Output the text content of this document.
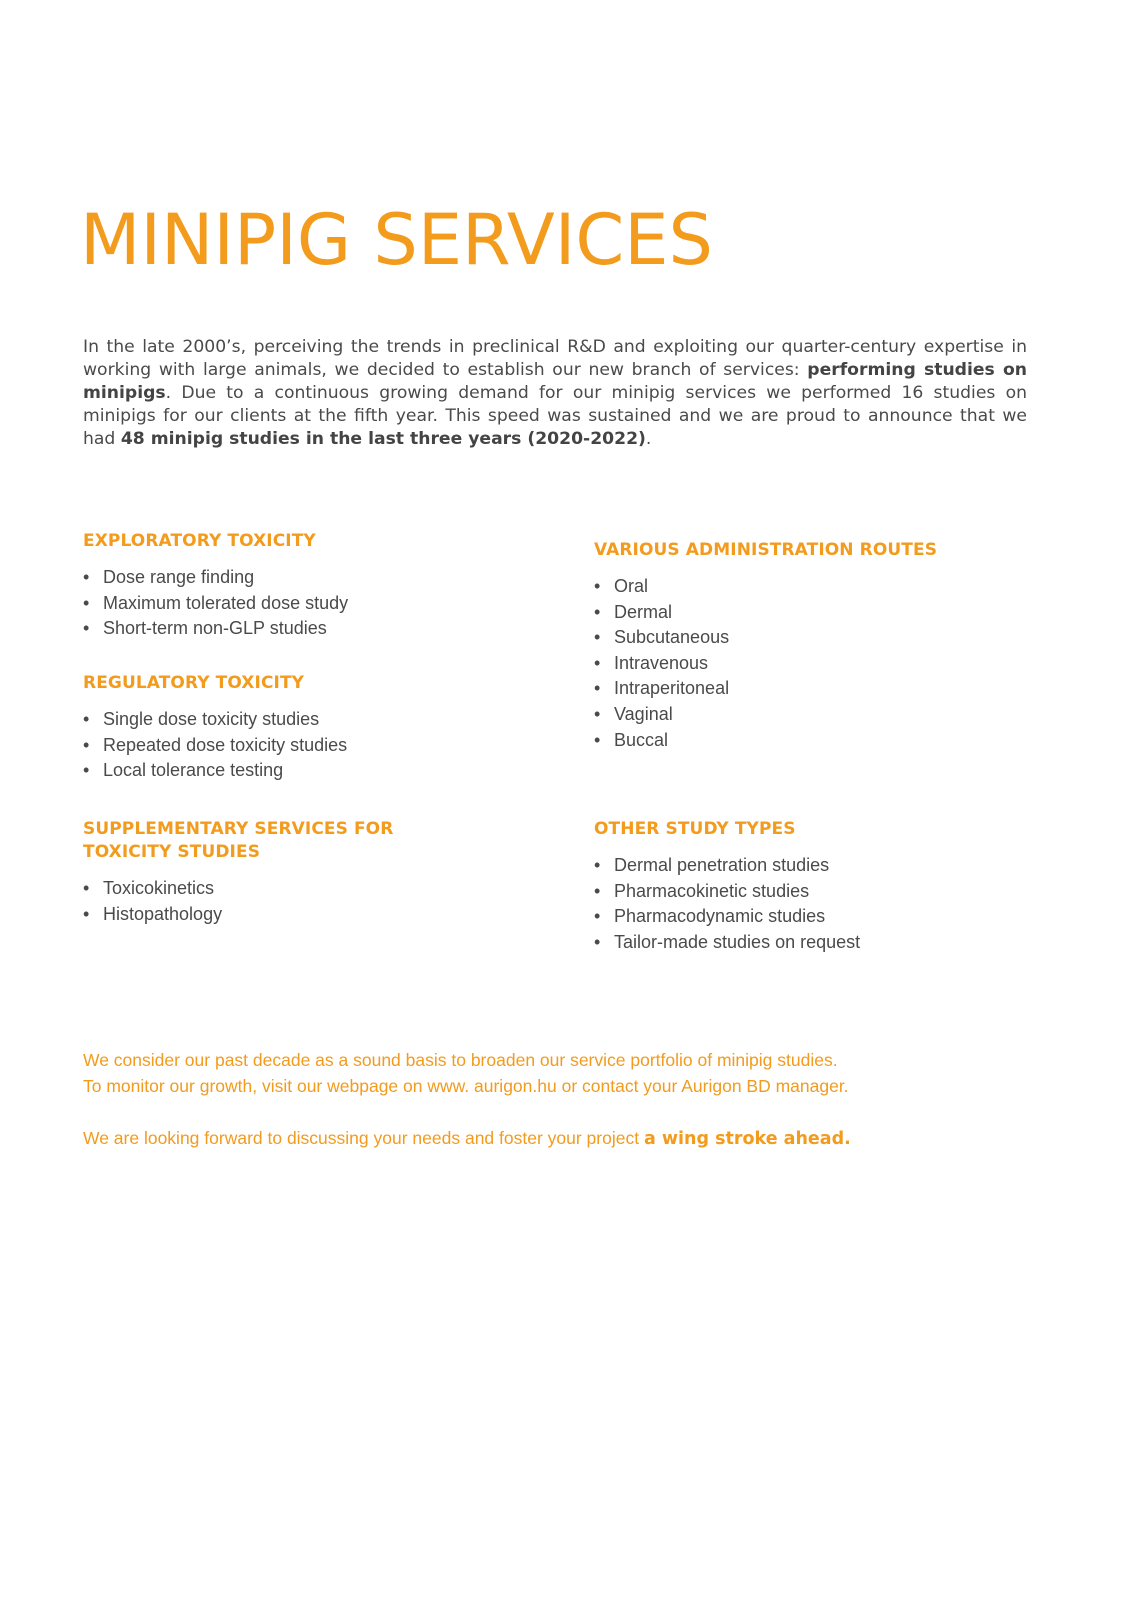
MINIPIG SERVICES

In the late 2000’s, perceiving the trends in preclinical R&D and exploiting our quarter-century expertise in working with large animals, we decided to establish our new branch of services: performing studies on minipigs. Due to a continuous growing demand for our minipig services we performed 16 studies on minipigs for our clients at the fifth year. This speed was sustained and we are proud to announce that we had 48 minipig studies in the last three years (2020-2022).

EXPLORATORY TOXICITY
• Dose range finding
• Maximum tolerated dose study
• Short-term non-GLP studies
REGULATORY TOXICITY
• Single dose toxicity studies
• Repeated dose toxicity studies
• Local tolerance testing
SUPPLEMENTARY SERVICES FOR
TOXICITY STUDIES
• Toxicokinetics
• Histopathology
VARIOUS ADMINISTRATION ROUTES
• Oral
• Dermal
• Subcutaneous
• Intravenous
• Intraperitoneal
• Vaginal
• Buccal
OTHER STUDY TYPES
• Dermal penetration studies
• Pharmacokinetic studies
• Pharmacodynamic studies
• Tailor-made studies on request

We consider our past decade as a sound basis to broaden our service portfolio of minipig studies.

To monitor our growth, visit our webpage on www. aurigon.hu or contact your Aurigon BD manager.

We are looking forward to discussing your needs and foster your project a wing stroke ahead.
